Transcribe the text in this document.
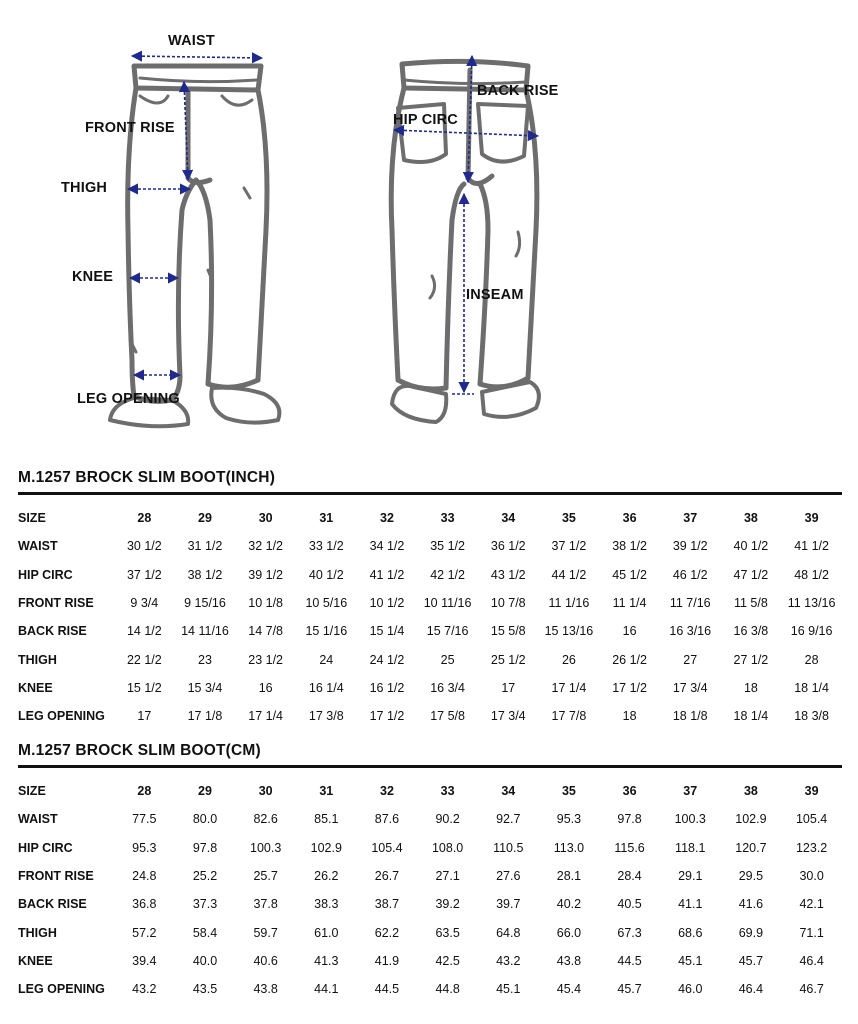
WAIST
FRONT RISE
THIGH
KNEE
LEG OPENING
BACK RISE
HIP CIRC
INSEAM
M.1257 BROCK SLIM BOOT(INCH)
SIZE	28	29	30	31	32	33	34	35	36	37	38	39
WAIST	30 1/2	31 1/2	32 1/2	33 1/2	34 1/2	35 1/2	36 1/2	37 1/2	38 1/2	39 1/2	40 1/2	41 1/2
HIP CIRC	37 1/2	38 1/2	39 1/2	40 1/2	41 1/2	42 1/2	43 1/2	44 1/2	45 1/2	46 1/2	47 1/2	48 1/2
FRONT RISE	9 3/4	9 15/16	10 1/8	10 5/16	10 1/2	10 11/16	10 7/8	11 1/16	11 1/4	11 7/16	11 5/8	11 13/16
BACK RISE	14 1/2	14 11/16	14 7/8	15 1/16	15 1/4	15 7/16	15 5/8	15 13/16	16	16 3/16	16 3/8	16 9/16
THIGH	22 1/2	23	23 1/2	24	24 1/2	25	25 1/2	26	26 1/2	27	27 1/2	28
KNEE	15 1/2	15 3/4	16	16 1/4	16 1/2	16 3/4	17	17 1/4	17 1/2	17 3/4	18	18 1/4
LEG OPENING	17	17 1/8	17 1/4	17 3/8	17 1/2	17 5/8	17 3/4	17 7/8	18	18 1/8	18 1/4	18 3/8
M.1257 BROCK SLIM BOOT(CM)
SIZE	28	29	30	31	32	33	34	35	36	37	38	39
WAIST	77.5	80.0	82.6	85.1	87.6	90.2	92.7	95.3	97.8	100.3	102.9	105.4
HIP CIRC	95.3	97.8	100.3	102.9	105.4	108.0	110.5	113.0	115.6	118.1	120.7	123.2
FRONT RISE	24.8	25.2	25.7	26.2	26.7	27.1	27.6	28.1	28.4	29.1	29.5	30.0
BACK RISE	36.8	37.3	37.8	38.3	38.7	39.2	39.7	40.2	40.5	41.1	41.6	42.1
THIGH	57.2	58.4	59.7	61.0	62.2	63.5	64.8	66.0	67.3	68.6	69.9	71.1
KNEE	39.4	40.0	40.6	41.3	41.9	42.5	43.2	43.8	44.5	45.1	45.7	46.4
LEG OPENING	43.2	43.5	43.8	44.1	44.5	44.8	45.1	45.4	45.7	46.0	46.4	46.7
